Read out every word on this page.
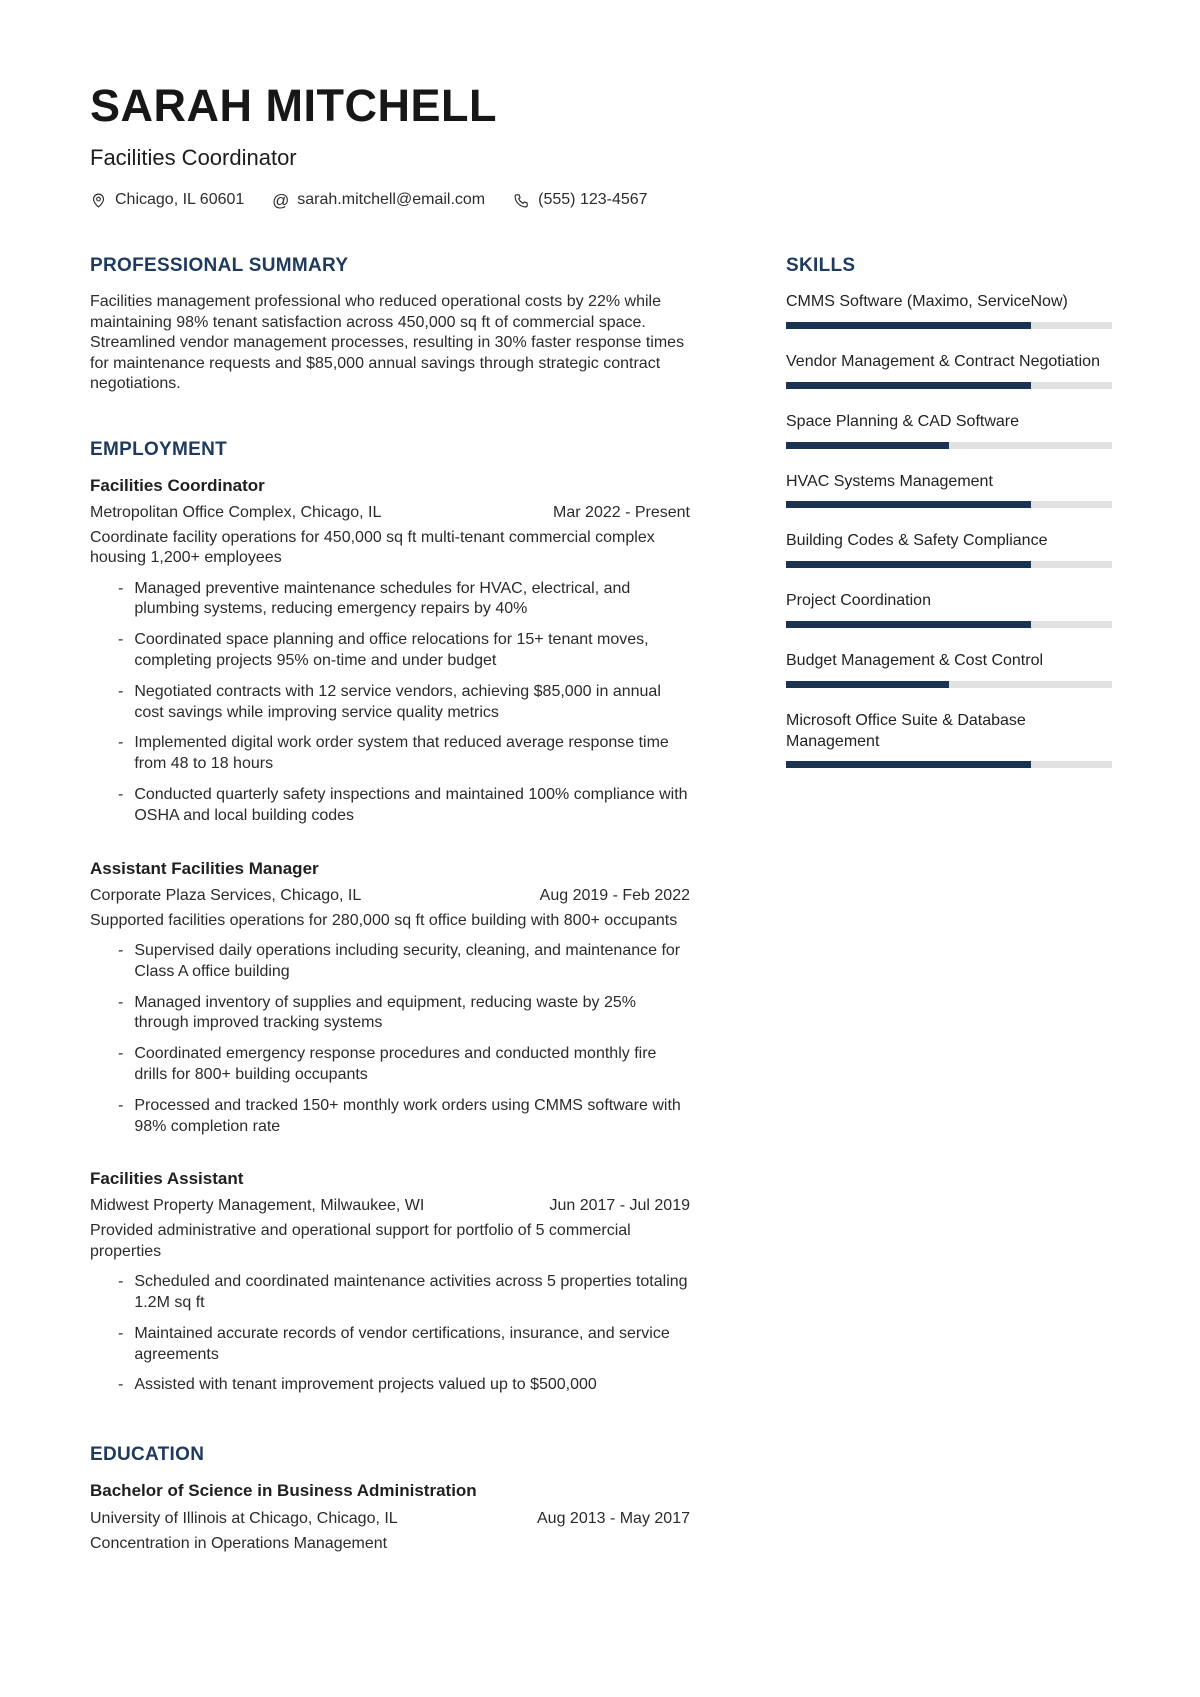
SARAH MITCHELL
Facilities Coordinator
Chicago, IL 60601 @ sarah.mitchell@email.com	(555) 123-4567
PROFESSIONAL SUMMARY

Facilities management professional who reduced operational costs by 22% while maintaining 98% tenant satisfaction across 450,000 sq ft of commercial space. Streamlined vendor management processes, resulting in 30% faster response times for maintenance requests and $85,000 annual savings through strategic contract negotiations.

EMPLOYMENT
Facilities Coordinator
Metropolitan Office Complex, Chicago, IL	Mar 2022 - Present
Coordinate facility operations for 450,000 sq ft multi-tenant commercial complex housing 1,200+ employees
- Managed preventive maintenance schedules for HVAC, electrical, and plumbing systems, reducing emergency repairs by 40%
- Coordinated space planning and office relocations for 15+ tenant moves, completing projects 95% on-time and under budget
- Negotiated contracts with 12 service vendors, achieving $85,000 in annual cost savings while improving service quality metrics
- Implemented digital work order system that reduced average response time from 48 to 18 hours
- Conducted quarterly safety inspections and maintained 100% compliance with OSHA and local building codes
Assistant Facilities Manager
Corporate Plaza Services, Chicago, IL	Aug 2019 - Feb 2022
Supported facilities operations for 280,000 sq ft office building with 800+ occupants
- Supervised daily operations including security, cleaning, and maintenance for Class A office building
- Managed inventory of supplies and equipment, reducing waste by 25% through improved tracking systems
- Coordinated emergency response procedures and conducted monthly fire drills for 800+ building occupants
- Processed and tracked 150+ monthly work orders using CMMS software with 98% completion rate
Facilities Assistant
Midwest Property Management, Milwaukee, WI	Jun 2017 - Jul 2019
Provided administrative and operational support for portfolio of 5 commercial properties
- Scheduled and coordinated maintenance activities across 5 properties totaling 1.2M sq ft
- Maintained accurate records of vendor certifications, insurance, and service agreements
- Assisted with tenant improvement projects valued up to $500,000
EDUCATION
Bachelor of Science in Business Administration
University of Illinois at Chicago, Chicago, IL	Aug 2013 - May 2017
Concentration in Operations Management
SKILLS
CMMS Software (Maximo, ServiceNow)
Vendor Management & Contract Negotiation
Space Planning & CAD Software
HVAC Systems Management
Building Codes & Safety Compliance
Project Coordination
Budget Management & Cost Control
Microsoft Office Suite & Database Management
